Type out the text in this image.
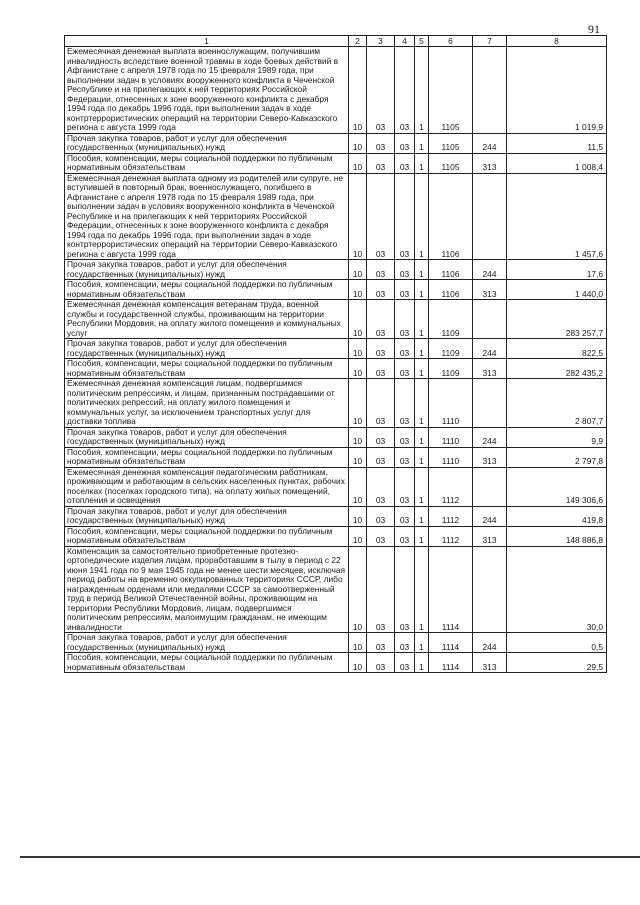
91
1	2	3	4	5	6	7	8
Ежемесячная денежная выплата военнослужащим, получившим инвалидность вследствие военной травмы в ходе боевых действий в Афганистане с апреля 1978 года по 15 февраля 1989 года, при выполнении задач в условиях вооруженного конфликта в Чеченской Республике и на прилегающих к ней территориях Российской Федерации, отнесенных к зоне вооруженного конфликта с декабря 1994 года по декабрь 1996 года, при выполнении задач в ходе контртеррористических операций на территории Северо-Кавказского региона с августа 1999 года	10	03	03	1	1105		1 019,9
Прочая закупка товаров, работ и услуг для обеспечения государственных (муниципальных) нужд	10	03	03	1	1105	244	11,5
Пособия, компенсации, меры социальной поддержки по публичным нормативным обязательствам	10	03	03	1	1105	313	1 008,4
Ежемесячная денежная выплата одному из родителей или супруге, не вступившей в повторный брак, военнослужащего, погибшего в Афганистане с апреля 1978 года по 15 февраля 1989 года, при выполнении задач в условиях вооруженного конфликта в Чеченской Республике и на прилегающих к ней территориях Российской Федерации, отнесенных к зоне вооруженного конфликта с декабря 1994 года по декабрь 1996 года, при выполнении задач в ходе контртеррористических операций на территории Северо-Кавказского региона с августа 1999 года	10	03	03	1	1106		1 457,6
Прочая закупка товаров, работ и услуг для обеспечения государственных (муниципальных) нужд	10	03	03	1	1106	244	17,6
Пособия, компенсации, меры социальной поддержки по публичным нормативным обязательствам	10	03	03	1	1106	313	1 440,0
Ежемесячная денежная компенсация ветеранам труда, военной службы и государственной службы, проживающим на территории Республики Мордовия, на оплату жилого помещения и коммунальных услуг	10	03	03	1	1109		283 257,7
Прочая закупка товаров, работ и услуг для обеспечения государственных (муниципальных) нужд	10	03	03	1	1109	244	822,5
Пособия, компенсации, меры социальной поддержки по публичным нормативным обязательствам	10	03	03	1	1109	313	282 435,2
Ежемесячная денежная компенсация лицам, подвергшимся политическим репрессиям, и лицам, признанным пострадавшими от политических репрессий, на оплату жилого помещения и коммунальных услуг, за исключением транспортных услуг для доставки топлива	10	03	03	1	1110		2 807,7
Прочая закупка товаров, работ и услуг для обеспечения государственных (муниципальных) нужд	10	03	03	1	1110	244	9,9
Пособия, компенсации, меры социальной поддержки по публичным нормативным обязательствам	10	03	03	1	1110	313	2 797,8
Ежемесячная денежная компенсация педагогическим работникам, проживающим и работающим в сельских населенных пунктах, рабочих поселках (поселках городского типа), на оплату жилых помещений, отопления и освещения	10	03	03	1	1112		149 306,6
Прочая закупка товаров, работ и услуг для обеспечения государственных (муниципальных) нужд	10	03	03	1	1112	244	419,8
Пособия, компенсации, меры социальной поддержки по публичным нормативным обязательствам	10	03	03	1	1112	313	148 886,8
Компенсация за самостоятельно приобретенные протезно-ортопедические изделия лицам, проработавшим в тылу в период с 22 июня 1941 года по 9 мая 1945 года не менее шести месяцев, исключая период работы на временно оккупированных территориях СССР, либо награжденным орденами или медалями СССР за самоотверженный труд в период Великой Отечественной войны, проживающим на территории Республики Мордовия, лицам, подвергшимся политическим репрессиям, малоимущим гражданам, не имеющим инвалидности	10	03	03	1	1114		30,0
Прочая закупка товаров, работ и услуг для обеспечения государственных (муниципальных) нужд	10	03	03	1	1114	244	0,5
Пособия, компенсации, меры социальной поддержки по публичным нормативным обязательствам	10	03	03	1	1114	313	29,5
